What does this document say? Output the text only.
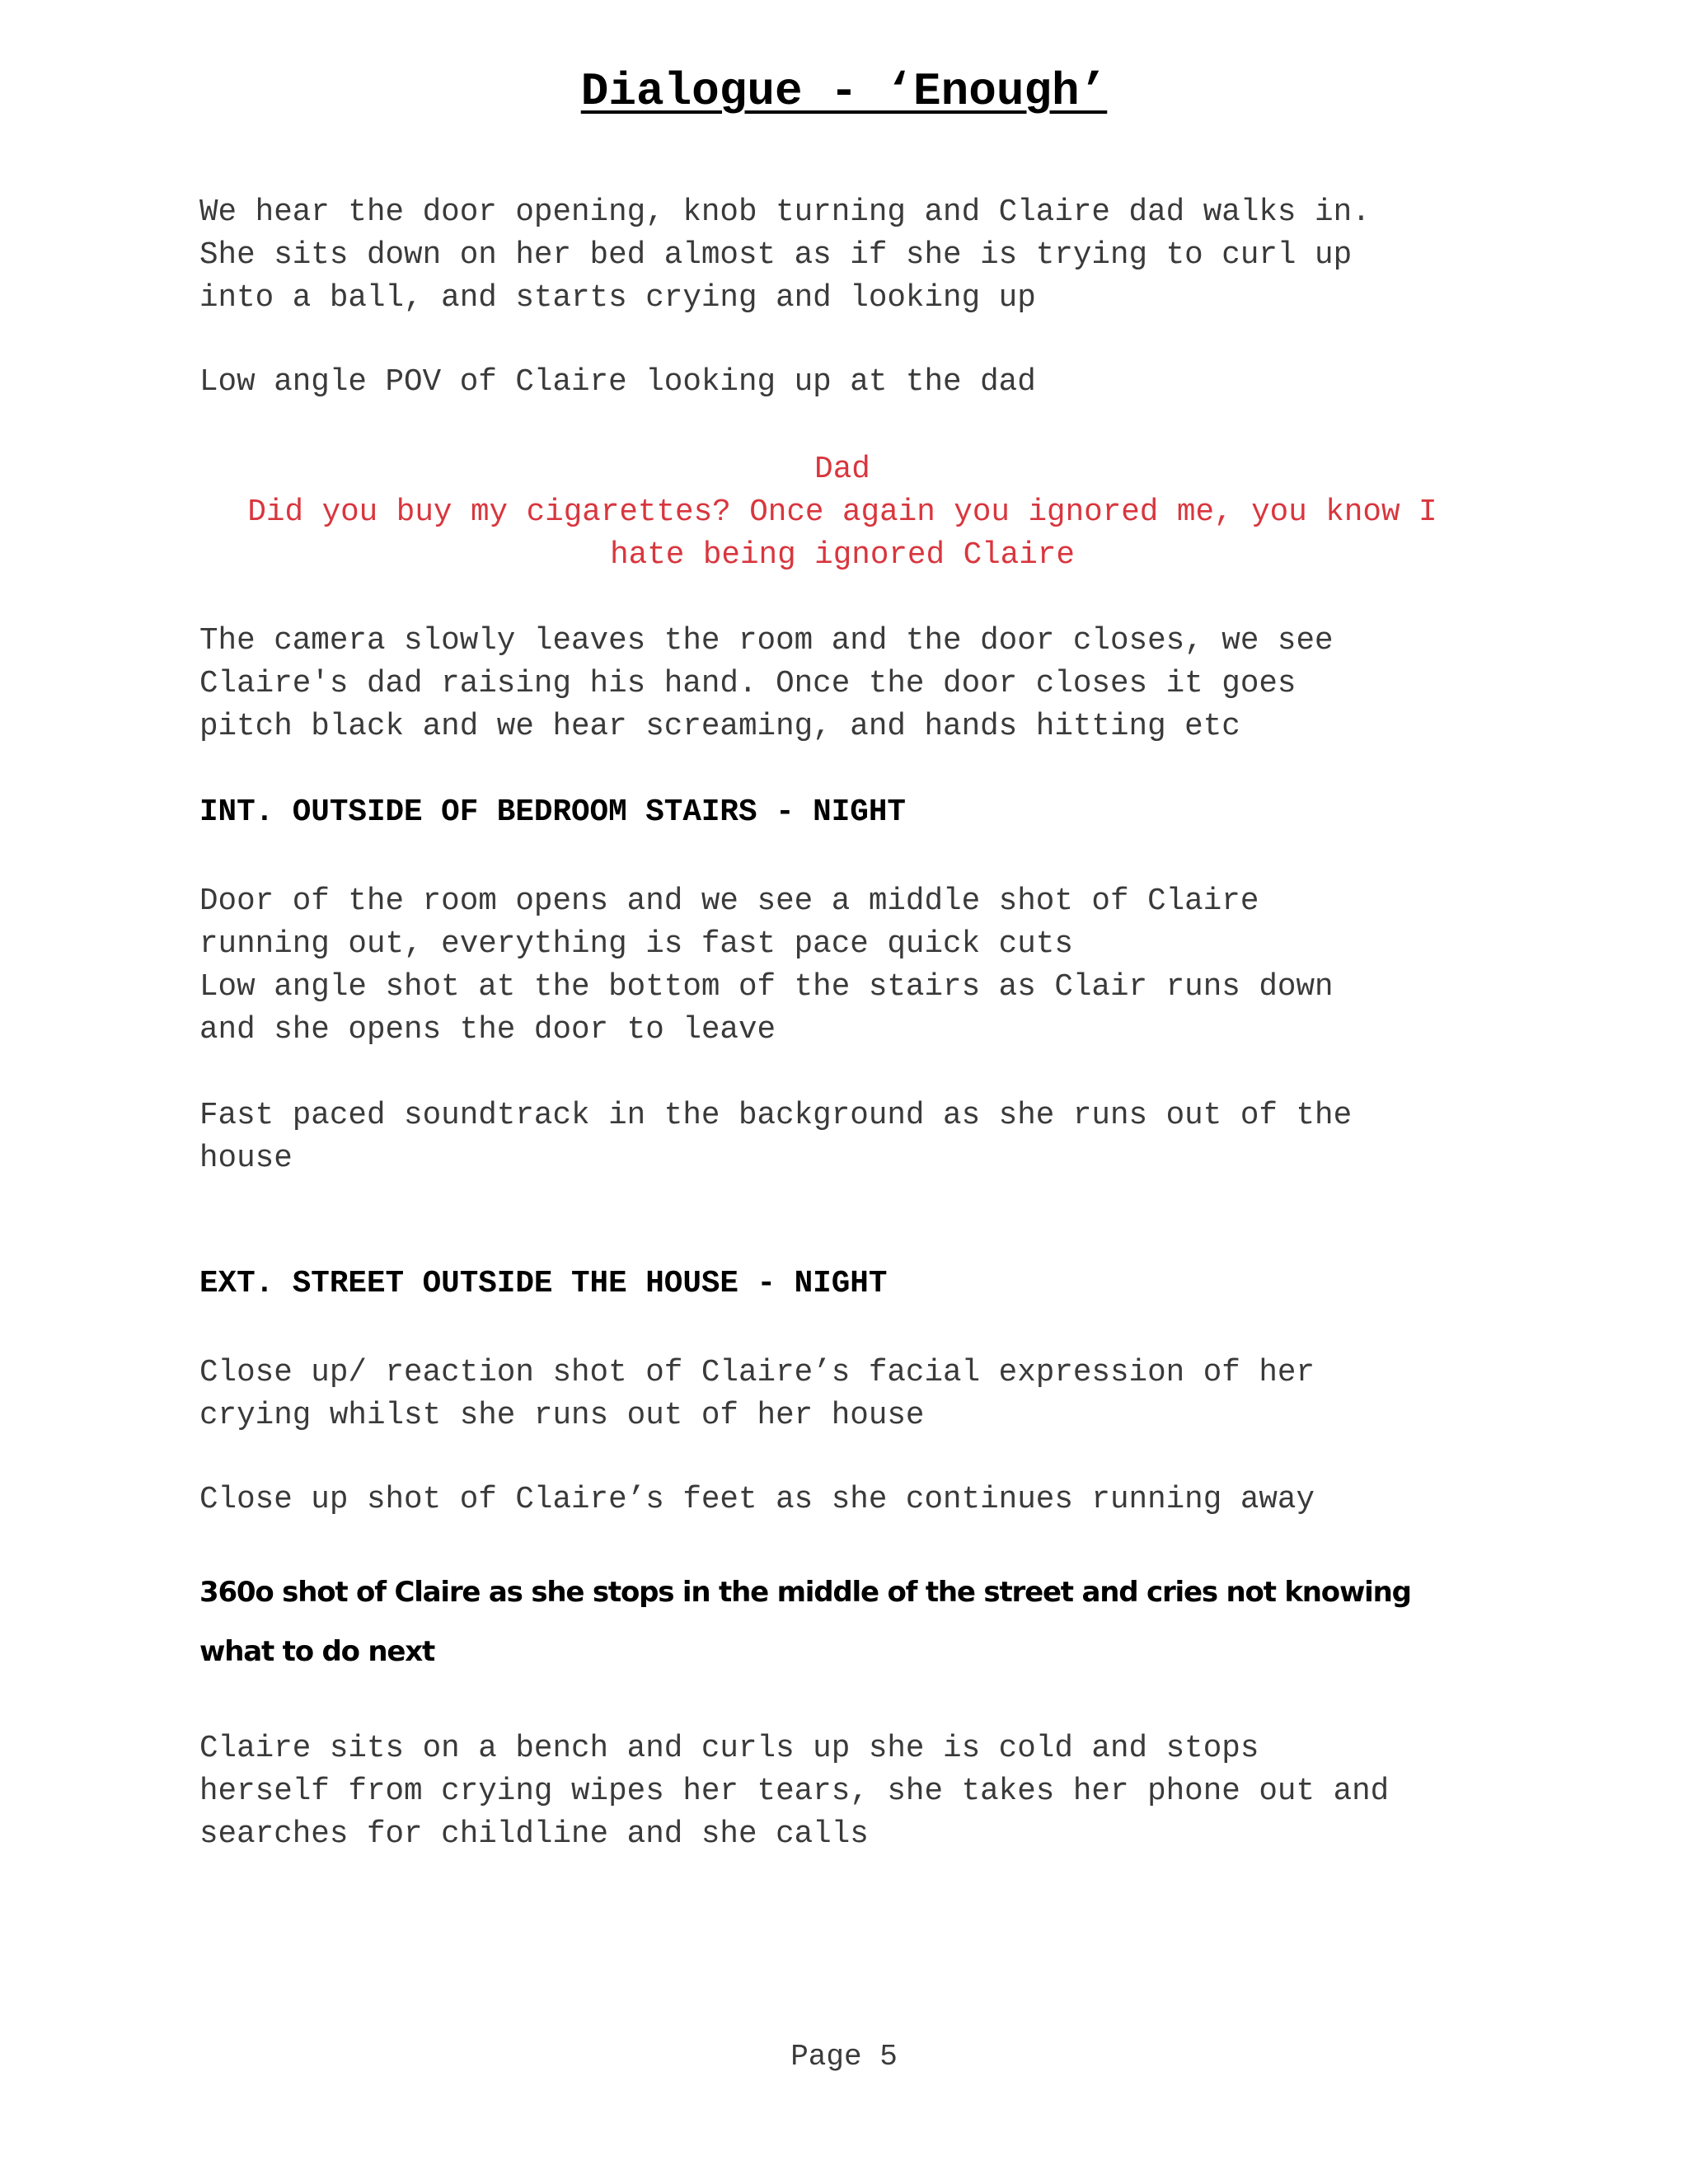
Dialogue - ‘Enough’
We hear the door opening, knob turning and Claire dad walks in.
She sits down on her bed almost as if she is trying to curl up
into a ball, and starts crying and looking up
Low angle POV of Claire looking up at the dad
Dad
Did you buy my cigarettes? Once again you ignored me, you know I
hate being ignored Claire
The camera slowly leaves the room and the door closes, we see
Claire's dad raising his hand. Once the door closes it goes
pitch black and we hear screaming, and hands hitting etc
INT. OUTSIDE OF BEDROOM STAIRS - NIGHT
Door of the room opens and we see a middle shot of Claire
running out, everything is fast pace quick cuts
Low angle shot at the bottom of the stairs as Clair runs down
and she opens the door to leave
Fast paced soundtrack in the background as she runs out of the
house
EXT. STREET OUTSIDE THE HOUSE - NIGHT
Close up/ reaction shot of Claire’s facial expression of her
crying whilst she runs out of her house
Close up shot of Claire’s feet as she continues running away
360o shot of Claire as she stops in the middle of the street and cries not knowing
what to do next
Claire sits on a bench and curls up she is cold and stops
herself from crying wipes her tears, she takes her phone out and
searches for childline and she calls
Page 5
